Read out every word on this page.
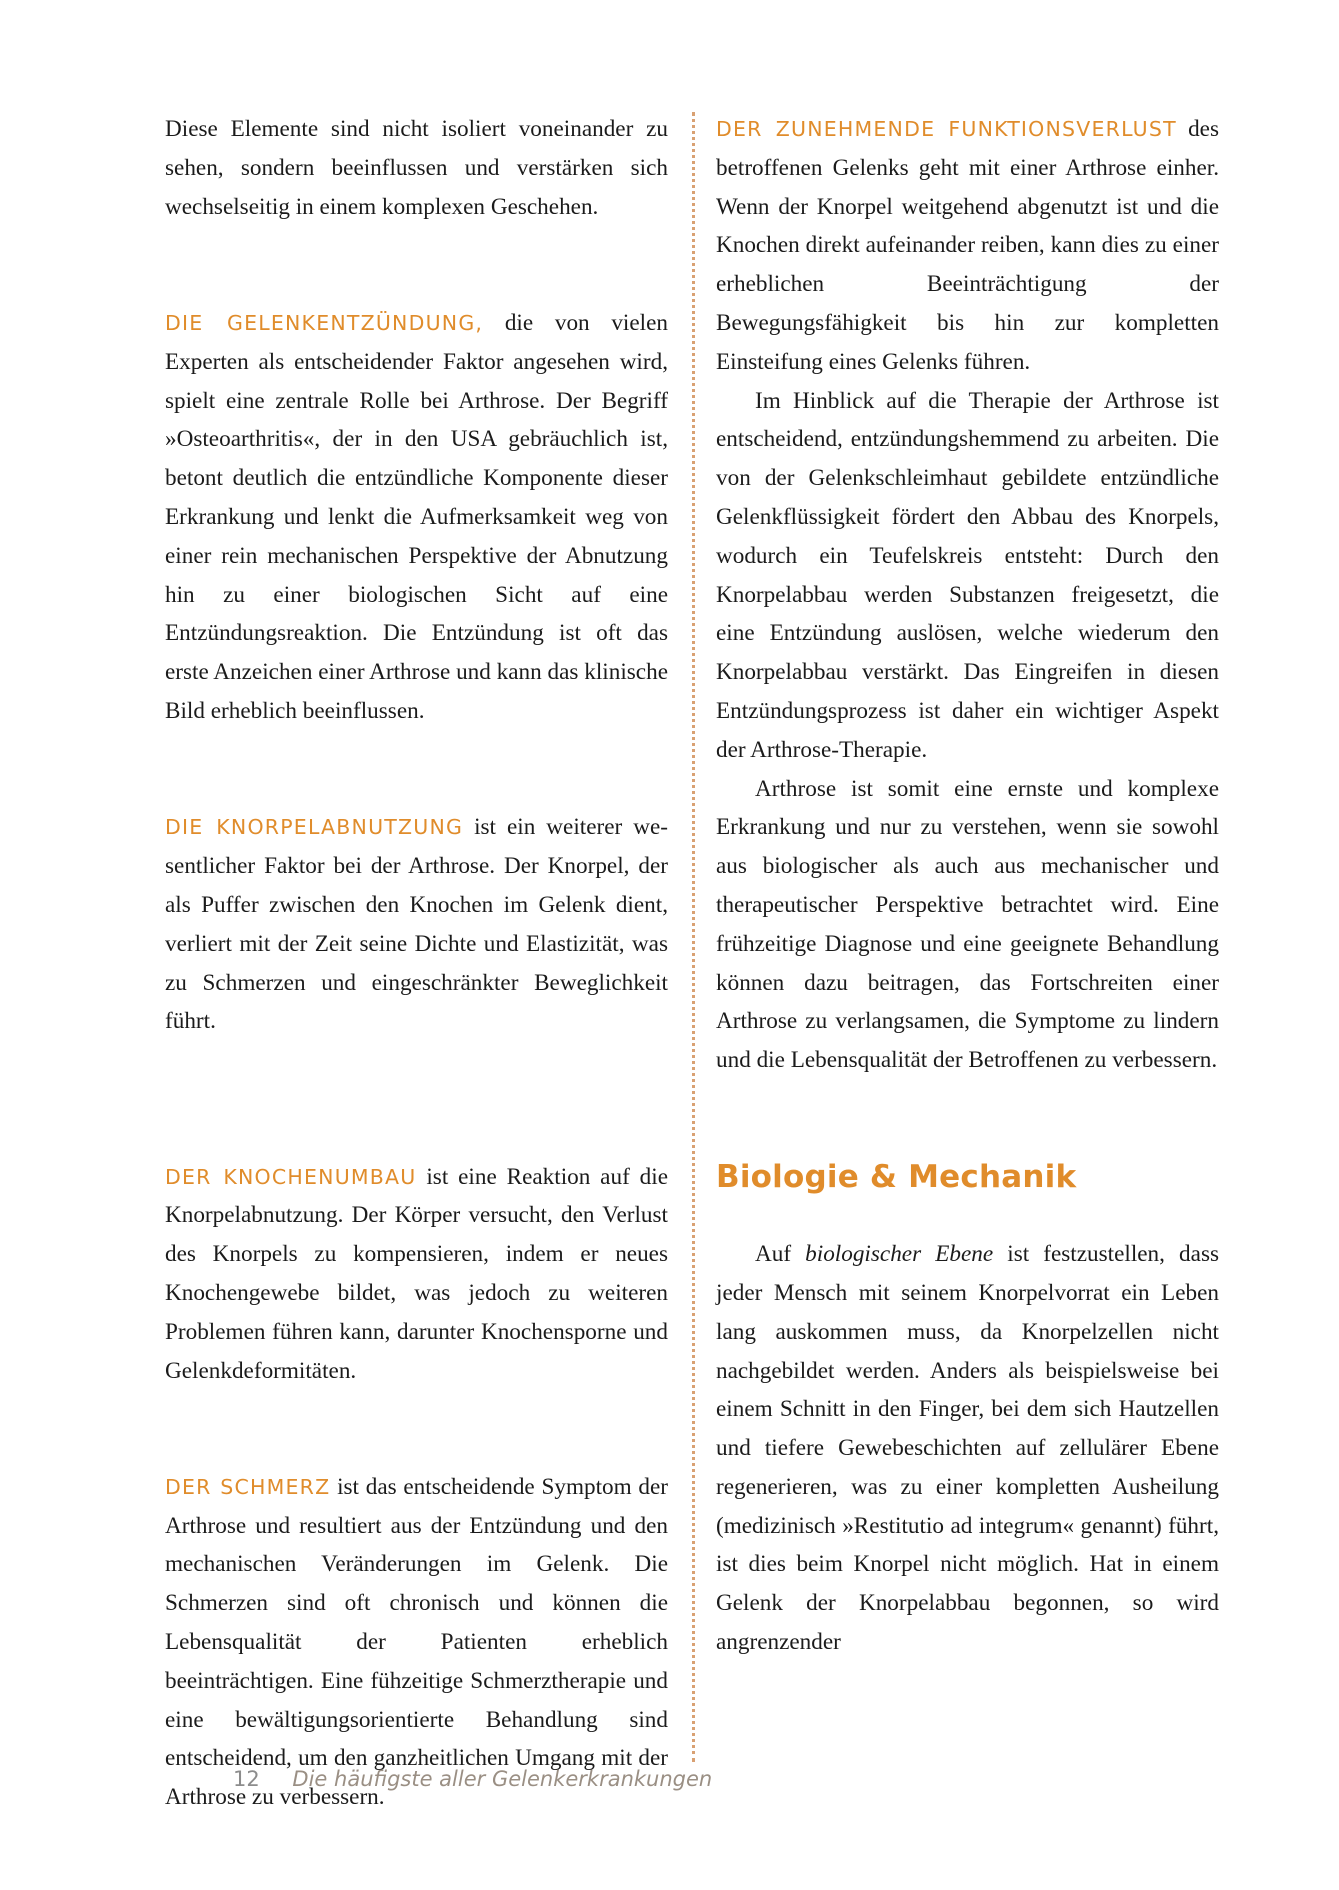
Diese Elemente sind nicht isoliert voneinander zu sehen, sondern beeinflussen und verstärken sich wechselseitig in einem komplexen Geschehen.

DIE GELENKENTZÜNDUNG, die von vielen Experten als entscheidender Faktor angesehen wird, spielt eine zentrale Rolle bei Arthrose. Der Begriff »Osteoarthritis«, der in den USA gebräuchlich ist, betont deutlich die entzündliche Komponente dieser Erkrankung und lenkt die Aufmerksamkeit weg von einer rein mechanischen Perspektive der Abnutzung hin zu einer biologischen Sicht auf eine Entzündungsreaktion. Die Entzündung ist oft das erste Anzeichen einer Arthrose und kann das klinische Bild erheblich beeinflussen.

DIE KNORPELABNUTZUNG ist ein weiterer wesentlicher Faktor bei der Arthrose. Der Knorpel, der als Puffer zwischen den Knochen im Gelenk dient, verliert mit der Zeit seine Dichte und Elastizität, was zu Schmerzen und eingeschränkter Beweglichkeit führt.

DER KNOCHENUMBAU ist eine Reaktion auf die Knorpelabnutzung. Der Körper versucht, den Verlust des Knorpels zu kompensieren, indem er neues Knochengewebe bildet, was jedoch zu weiteren Problemen führen kann, darunter Knochensporne und Gelenkdeformitäten.

DER SCHMERZ ist das entscheidende Symptom der Arthrose und resultiert aus der Entzündung und den mechanischen Veränderungen im Gelenk. Die Schmerzen sind oft chronisch und können die Lebensqualität der Patienten erheblich beeinträchtigen. Eine fühzeitige Schmerztherapie und eine bewältigungsorientierte Behandlung sind entscheidend, um den ganzheitlichen Umgang mit der Arthrose zu verbessern.

DER ZUNEHMENDE FUNKTIONSVERLUST des betroffenen Gelenks geht mit einer Arthrose einher. Wenn der Knorpel weitgehend abgenutzt ist und die Knochen direkt aufeinander reiben, kann dies zu einer erheblichen Beeinträchtigung der Bewegungsfähigkeit bis hin zur kompletten Einsteifung eines Gelenks führen.

Im Hinblick auf die Therapie der Arthrose ist entscheidend, entzündungshemmend zu arbeiten. Die von der Gelenkschleimhaut gebildete entzündliche Gelenkflüssigkeit fördert den Abbau des Knorpels, wodurch ein Teufelskreis entsteht: Durch den Knorpelabbau werden Substanzen freigesetzt, die eine Entzündung auslösen, welche wiederum den Knorpelabbau verstärkt. Das Eingreifen in diesen Entzündungsprozess ist daher ein wichtiger Aspekt der Arthrose-Therapie.

Arthrose ist somit eine ernste und komplexe Erkrankung und nur zu verstehen, wenn sie sowohl aus biologischer als auch aus mechanischer und therapeutischer Perspektive betrachtet wird. Eine frühzeitige Diagnose und eine geeignete Behandlung können dazu beitragen, das Fortschreiten einer Arthrose zu verlangsamen, die Symptome zu lindern und die Lebensqualität der Betroffenen zu verbessern.

Biologie & Mechanik

Auf biologischer Ebene ist festzustellen, dass jeder Mensch mit seinem Knorpelvorrat ein Leben lang auskommen muss, da Knorpelzellen nicht nachgebildet werden. Anders als beispielsweise bei einem Schnitt in den Finger, bei dem sich Hautzellen und tiefere Gewebeschichten auf zellulärer Ebene regenerieren, was zu einer kompletten Ausheilung (medizinisch »Restitutio ad integrum« genannt) führt, ist dies beim Knorpel nicht möglich. Hat in einem Gelenk der Knorpelabbau begonnen, so wird angrenzender

12 Die häufigste aller Gelenkerkrankungen
